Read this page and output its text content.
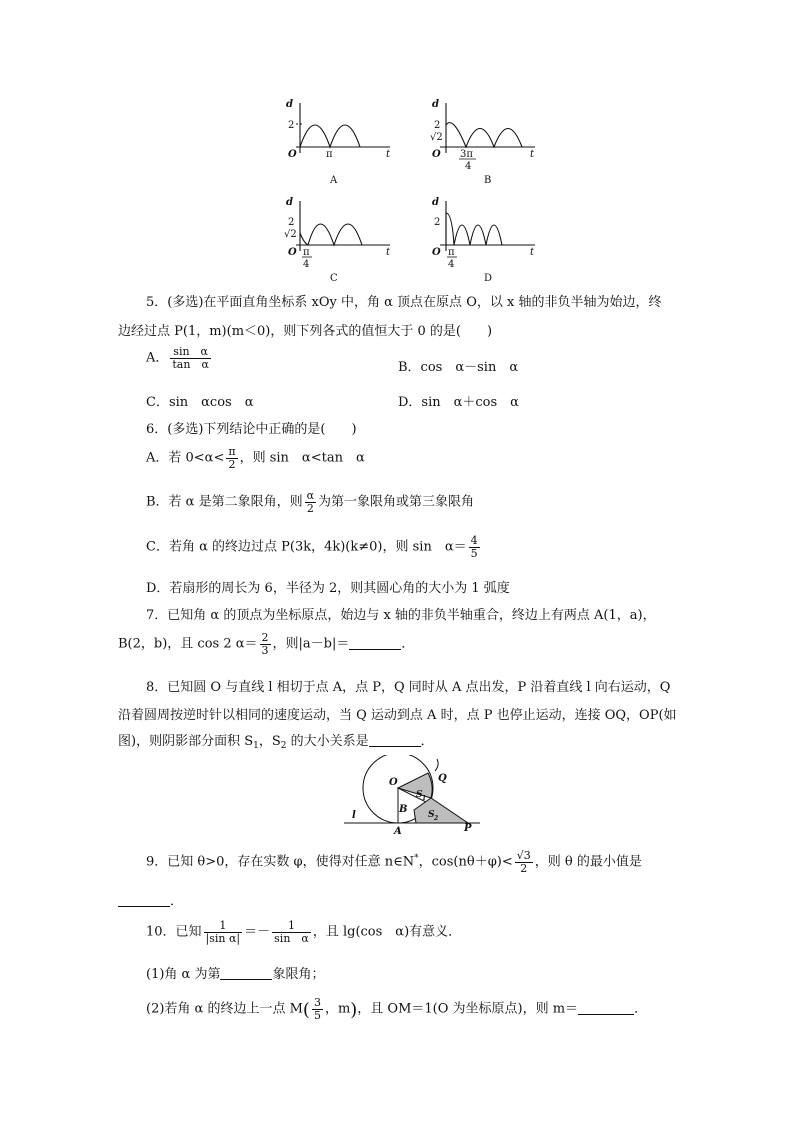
d
t
O
2
π
A
d
t
O
2
√2
3π
4
B
d
t
O
2
√2
π
4
C
d
t
O
2
π
4
D
5．(多选)在平面直角坐标系 xOy 中，角 α 顶点在原点 O，以 x 轴的非负半轴为始边，终
边经过点 P(1，m)(m＜0)，则下列各式的值恒大于 0 的是(　　)
A． $\frac{\text{sin　α}}{\text{tan　α}}$	B．cos　α－sin　α
C．sin　αcos　α	D．sin　α＋cos　α
6．(多选)下列结论中正确的是(　　)
A．若 $0<\alpha< \frac{\pi}{2}$ ，则 sin　α<tan　α
B．若 α 是第二象限角，则 $\frac{\alpha}{2}$ 为第一象限角或第三象限角
C．若角 α 的终边过点 P(3k，4k)(k≠0)，则 sin　$\alpha= \frac{4}{5}$
D．若扇形的周长为 6，半径为 2，则其圆心角的大小为 1 弧度
7．已知角 α 的顶点为坐标原点，始边与 x 轴的非负半轴重合，终边上有两点 A(1，a)，
B(2，b)，且 cos 2 $\alpha= \frac{2}{3}$ ，则|a－b|＝	．
8．已知圆 O 与直线 l 相切于点 A，点 P，Q 同时从 A 点出发，P 沿着直线 l 向右运动，Q
沿着圆周按逆时针以相同的速度运动，当 Q 运动到点 A 时，点 P 也停止运动，连接 OQ，OP(如
图)，则阴影部分面积 $S_1$，$S_2$ 的大小关系是	．
O	Q
S 1
B S 2
l
A	P
9．已知 θ>0，存在实数 φ，使得对任意 n∈N*，$\cos(n\theta+\varphi)< \frac{√3}{2}$ ，则 θ 的最小值是
．
10．已知 $\frac{1}{\text{|sin α|}} =- \frac{1}{\text{sin　α}}$ ，且 lg(cos　α)有意义．
(1)角 α 为第	象限角；
(2)若角 α 的终边上一点 $M( \frac{3}{5}$ ，m)，且 OM＝1(O 为坐标原点)，则 m＝	．
